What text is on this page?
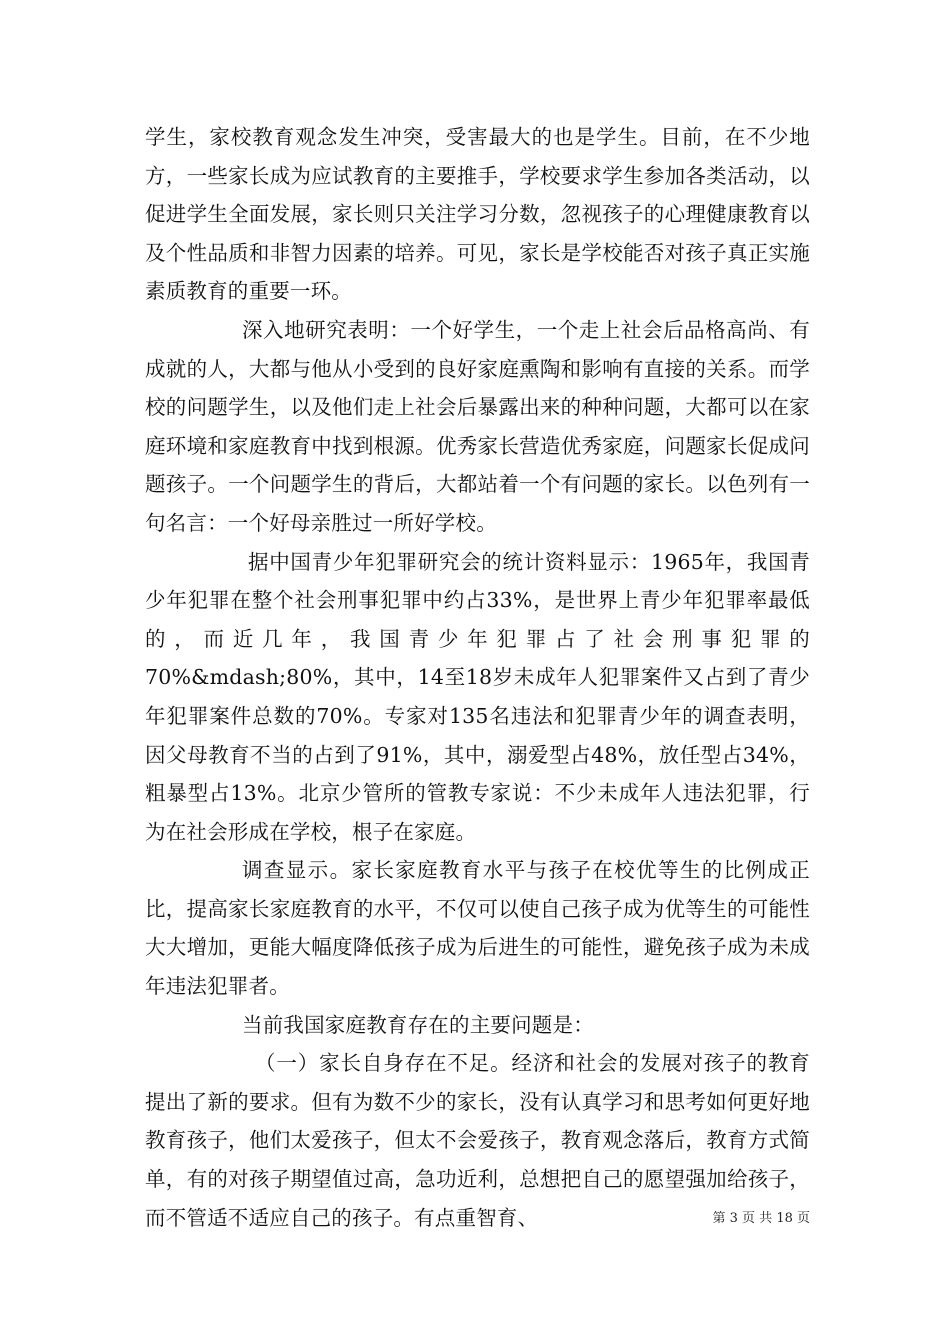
学生，家校教育观念发生冲突，受害最大的也是学生。目前，在不少地方，一些家长成为应试教育的主要推手，学校要求学生参加各类活动，以促进学生全面发展，家长则只关注学习分数，忽视孩子的心理健康教育以及个性品质和非智力因素的培养。可见，家长是学校能否对孩子真正实施素质教育的重要一环。

深入地研究表明：一个好学生，一个走上社会后品格高尚、有成就的人，大都与他从小受到的良好家庭熏陶和影响有直接的关系。而学校的问题学生，以及他们走上社会后暴露出来的种种问题，大都可以在家庭环境和家庭教育中找到根源。优秀家长营造优秀家庭，问题家长促成问题孩子。一个问题学生的背后，大都站着一个有问题的家长。以色列有一句名言：一个好母亲胜过一所好学校。

据中国青少年犯罪研究会的统计资料显示：1965年，我国青少年犯罪在整个社会刑事犯罪中约占33%，是世界上青少年犯罪率最低的，而近几年，我国青少年犯罪占了社会刑事犯罪的70%&mdash;80%，其中，14至18岁未成年人犯罪案件又占到了青少年犯罪案件总数的70%。专家对135名违法和犯罪青少年的调查表明，因父母教育不当的占到了91%，其中，溺爱型占48%，放任型占34%，粗暴型占13%。北京少管所的管教专家说：不少未成年人违法犯罪，行为在社会形成在学校，根子在家庭。

调查显示。家长家庭教育水平与孩子在校优等生的比例成正比，提高家长家庭教育的水平，不仅可以使自己孩子成为优等生的可能性大大增加，更能大幅度降低孩子成为后进生的可能性，避免孩子成为未成年违法犯罪者。

当前我国家庭教育存在的主要问题是：

（一）家长自身存在不足。经济和社会的发展对孩子的教育提出了新的要求。但有为数不少的家长，没有认真学习和思考如何更好地教育孩子，他们太爱孩子，但太不会爱孩子，教育观念落后，教育方式简单，有的对孩子期望值过高，急功近利，总想把自己的愿望强加给孩子，而不管适不适应自己的孩子。有点重智育、	第 3 页 共 18 页
